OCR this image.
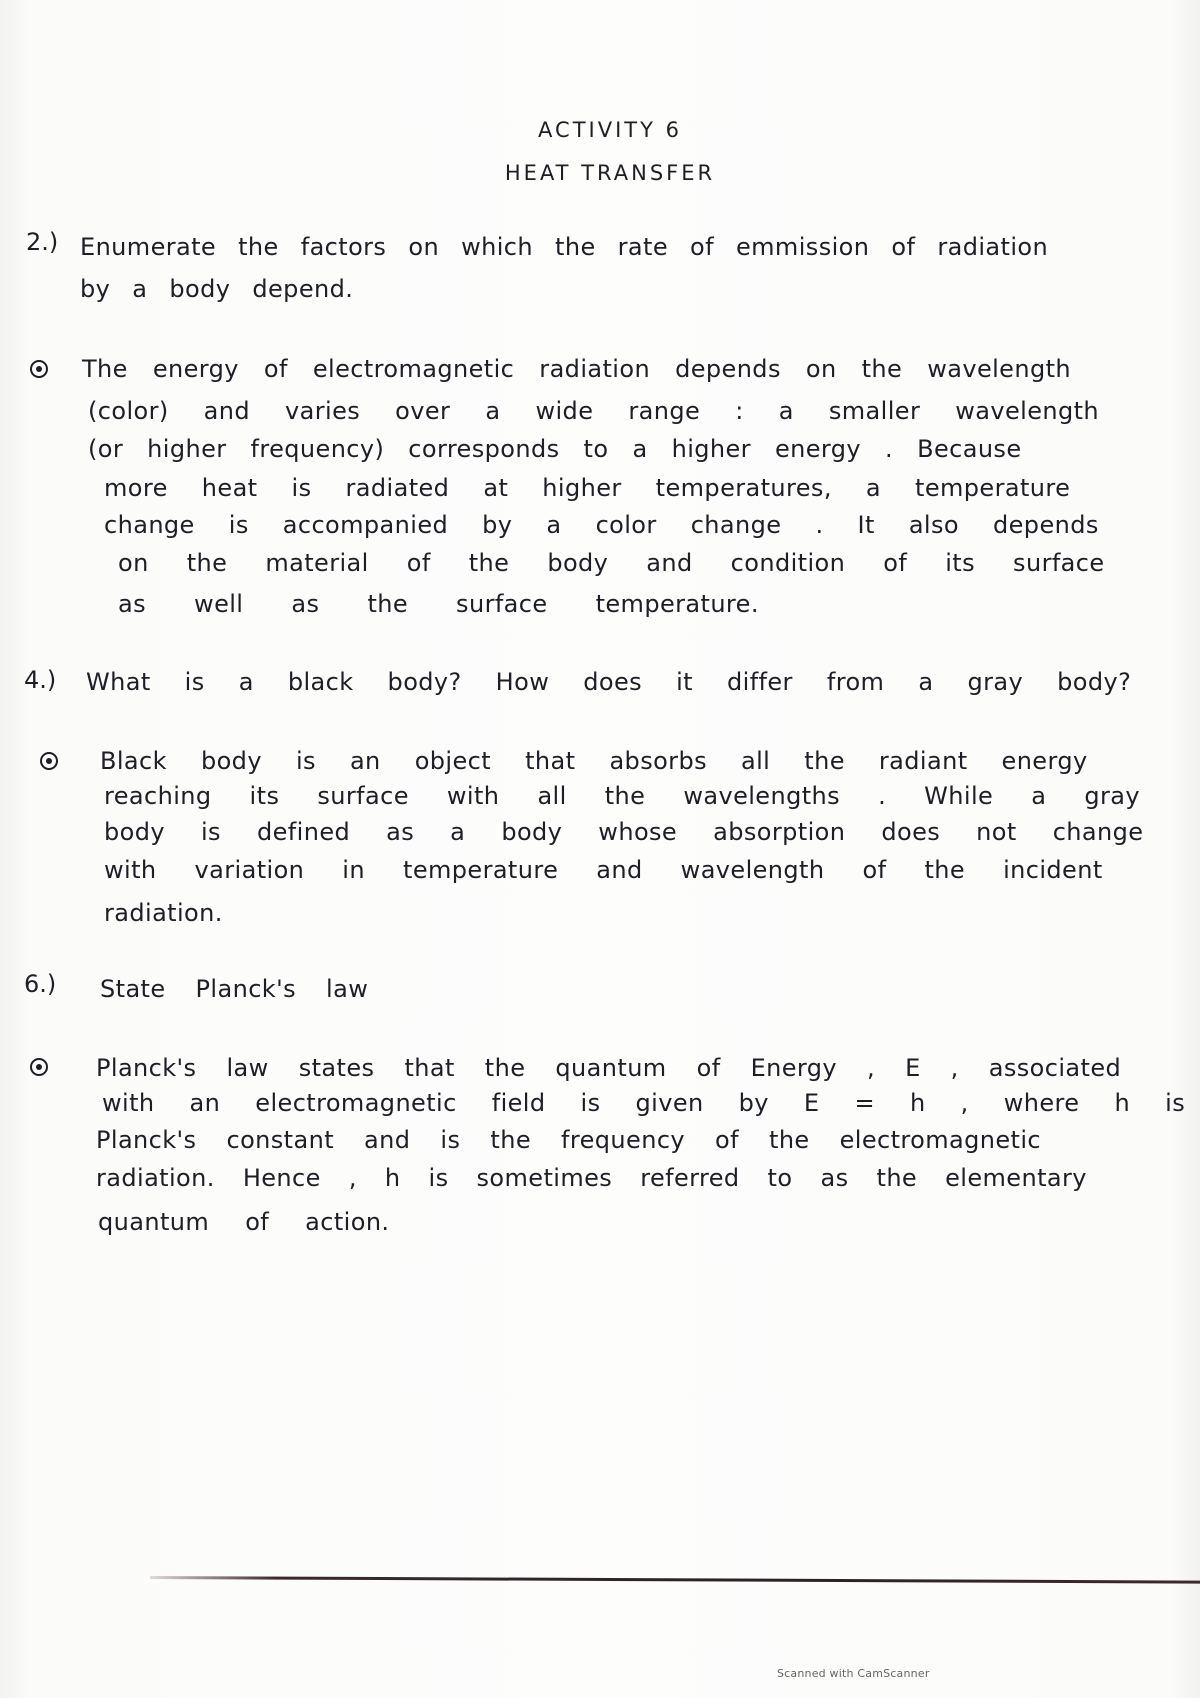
ACTIVITY 6
HEAT TRANSFER
2.) Enumerate the factors on which the rate of emmission of radiation
by a body depend.
The energy of electromagnetic radiation depends on the wavelength
(color) and varies over a wide range : a smaller wavelength
(or higher frequency) corresponds to a higher energy . Because
more heat is radiated at higher temperatures, a temperature
change is accompanied by a color change . It also depends
on the material of the body and condition of its surface
as well as the surface temperature.
4.) What is a black body? How does it differ from a gray body?
Black body is an object that absorbs all the radiant energy
reaching its surface with all the wavelengths . While a gray
body is defined as a body whose absorption does not change
with variation in temperature and wavelength of the incident
radiation.
6.) State Planck's law
Planck's law states that the quantum of Energy , E , associated
with an electromagnetic field is given by E = h , where h is
Planck's constant and is the frequency of the electromagnetic
radiation. Hence , h is sometimes referred to as the elementary
quantum of action.
Scanned with CamScanner
